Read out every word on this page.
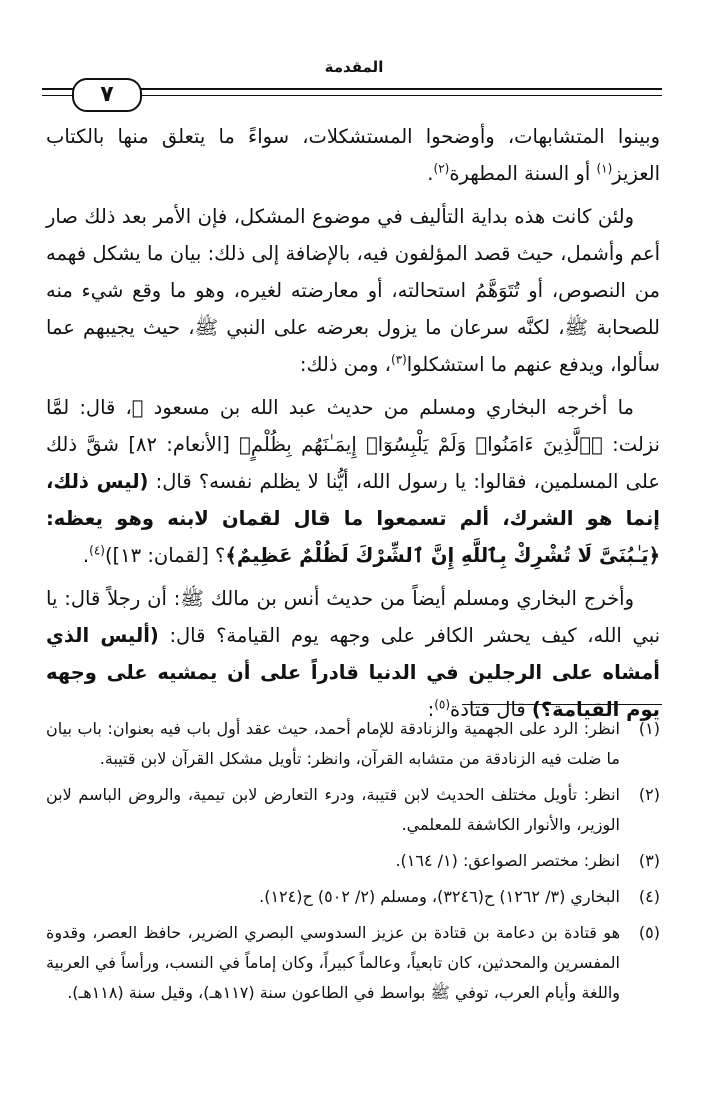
المقدمة
٧

وبينوا المتشابهات، وأوضحوا المستشكلات، سواءً ما يتعلق منها بالكتاب العزيز$^{(١)}$ أو السنة المطهرة$^{(٢)}$.

ولئن كانت هذه بداية التأليف في موضوع المشكل، فإن الأمر بعد ذلك صار أعم وأشمل، حيث قصد المؤلفون فيه، بالإضافة إلى ذلك: بيان ما يشكل فهمه من النصوص، أو تُتَوَهَّمُ استحالته، أو معارضته لغيره، وهو ما وقع شيء منه للصحابة ﷺ، لكنَّه سرعان ما يزول بعرضه على النبي ﷺ، حيث يجيبهم عما سألوا، ويدفع عنهم ما استشكلوا$^{(٣)}$، ومن ذلك:

ما أخرجه البخاري ومسلم من حديث عبد الله بن مسعود ﷺ، قال: لمَّا نزلت: ﴿ٱلَّذِينَ ءَامَنُوا۟ وَلَمْ يَلْبِسُوٓا۟ إِيمَـٰنَهُم بِظُلْمٍ﴾ [الأنعام: ٨٢] شقَّ ذلك على المسلمين، فقالوا: يا رسول الله، أيُّنا لا يظلم نفسه؟ قال: (ليس ذلك، إنما هو الشرك، ألم تسمعوا ما قال لقمان لابنه وهو يعظه: ﴿يَـٰبُنَىَّ لَا تُشْرِكْ بِٱللَّهِ إِنَّ ٱلشِّرْكَ لَظُلْمٌ عَظِيمٌ﴾؟ [لقمان: ١٣])$^{(٤)}$.

وأخرج البخاري ومسلم أيضاً من حديث أنس بن مالك ﷺ: أن رجلاً قال: يا نبي الله، كيف يحشر الكافر على وجهه يوم القيامة؟ قال: (أليس الذي أمشاه على الرجلين في الدنيا قادراً على أن يمشيه على وجهه يوم القيامة؟) قال قتادة$^{(٥)}$:

(١)
انظر: الرد على الجهمية والزنادقة للإمام أحمد، حيث عقد أول باب فيه بعنوان: باب بيان ما ضلت فيه الزنادقة من متشابه القرآن، وانظر: تأويل مشكل القرآن لابن قتيبة.
(٢)
انظر: تأويل مختلف الحديث لابن قتيبة، ودرء التعارض لابن تيمية، والروض الباسم لابن الوزير، والأنوار الكاشفة للمعلمي.
(٣)
انظر: مختصر الصواعق: (١/ ١٦٤).
(٤)
البخاري (٣/ ١٢٦٢) ح(٣٢٤٦)، ومسلم (٢/ ٥٠٢) ح(١٢٤).
(٥)
هو قتادة بن دعامة بن قتادة بن عزيز السدوسي البصري الضرير، حافظ العصر، وقدوة المفسرين والمحدثين، كان تابعياً، وعالماً كبيراً، وكان إماماً في النسب، ورأساً في العربية واللغة وأيام العرب، توفي ﷺ بواسط في الطاعون سنة (١١٧هـ)، وقيل سنة (١١٨هـ).
